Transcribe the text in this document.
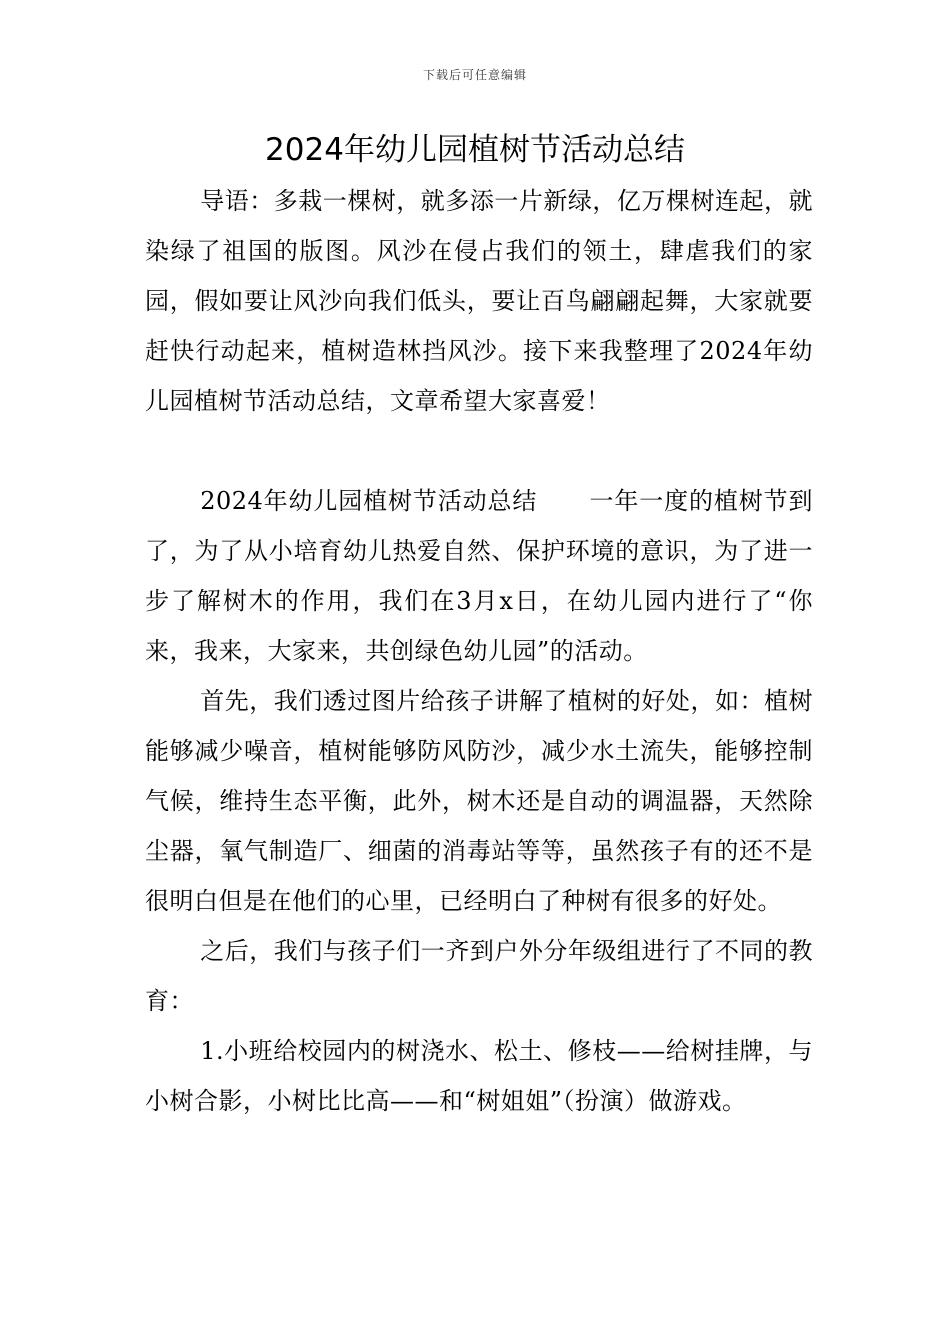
下载后可任意编辑
2024年幼儿园植树节活动总结

导语：多栽一棵树，就多添一片新绿，亿万棵树连起，就染绿了祖国的版图。风沙在侵占我们的领土，肆虐我们的家园，假如要让风沙向我们低头，要让百鸟翩翩起舞，大家就要赶快行动起来，植树造林挡风沙。接下来我整理了2024年幼儿园植树节活动总结，文章希望大家喜爱！

2024年幼儿园植树节活动总结 一年一度的植树节到了，为了从小培育幼儿热爱自然、保护环境的意识，为了进一步了解树木的作用，我们在3月x日，在幼儿园内进行了“你来，我来，大家来，共创绿色幼儿园”的活动。

首先，我们透过图片给孩子讲解了植树的好处，如：植树能够减少噪音，植树能够防风防沙，减少水土流失，能够控制气候，维持生态平衡，此外，树木还是自动的调温器，天然除尘器，氧气制造厂、细菌的消毒站等等，虽然孩子有的还不是很明白但是在他们的心里，已经明白了种树有很多的好处。

之后，我们与孩子们一齐到户外分年级组进行了不同的教育：

1.小班给校园内的树浇水、松土、修枝——给树挂牌，与小树合影，小树比比高——和“树姐姐”（扮演）做游戏。
